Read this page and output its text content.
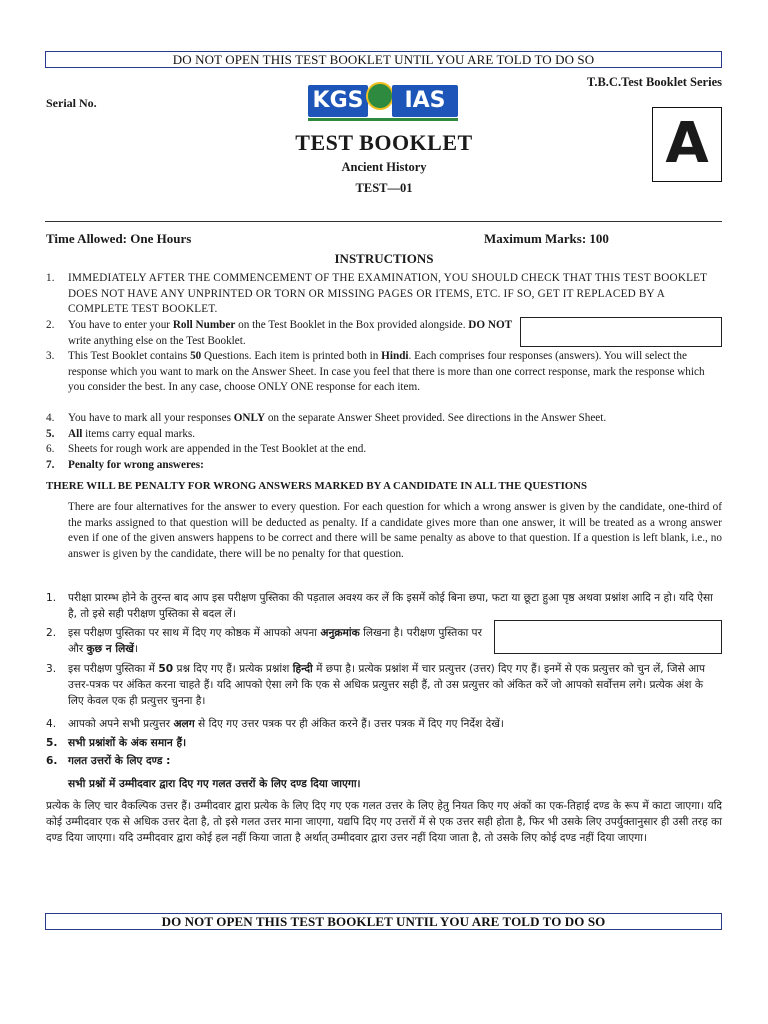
DO NOT OPEN THIS TEST BOOKLET UNTIL YOU ARE TOLD TO DO SO
Serial No.
T.B.C.Test Booklet Series
KGS	IAS
TEST BOOKLET
Ancient History
TEST—01
A
Time Allowed: One Hours	Maximum Marks: 100
INSTRUCTIONS
1. IMMEDIATELY AFTER THE COMMENCEMENT OF THE EXAMINATION, YOU SHOULD CHECK THAT THIS TEST BOOKLET DOES NOT HAVE ANY UNPRINTED OR TORN OR MISSING PAGES OR ITEMS, ETC. IF SO, GET IT REPLACED BY A COMPLETE TEST BOOKLET.
2. You have to enter your Roll Number on the Test Booklet in the Box provided alongside. DO NOT write anything else on the Test Booklet.
3. This Test Booklet contains 50 Questions. Each item is printed both in Hindi. Each comprises four responses (answers). You will select the response which you want to mark on the Answer Sheet. In case you feel that there is more than one correct response, mark the response which you consider the best. In any case, choose ONLY ONE response for each item.
4. You have to mark all your responses ONLY on the separate Answer Sheet provided. See directions in the Answer Sheet.
5. All items carry equal marks.
6. Sheets for rough work are appended in the Test Booklet at the end.
7. Penalty for wrong answeres:
THERE WILL BE PENALTY FOR WRONG ANSWERS MARKED BY A CANDIDATE IN ALL THE QUESTIONS
There are four alternatives for the answer to every question. For each question for which a wrong answer is given by the candidate, one-third of the marks assigned to that question will be deducted as penalty. If a candidate gives more than one answer, it will be treated as a wrong answer even if one of the given answers happens to be correct and there will be same penalty as above to that question. If a question is left blank, i.e., no answer is given by the candidate, there will be no penalty for that question.
1. परीक्षा प्रारम्भ होने के तुरन्त बाद आप इस परीक्षण पुस्तिका की पड़ताल अवश्य कर लें कि इसमें कोई बिना छपा, फटा या छूटा हुआ पृष्ठ अथवा प्रश्नांश आदि न हो। यदि ऐसा है, तो इसे सही परीक्षण पुस्तिका से बदल लें।
2. इस परीक्षण पुस्तिका पर साथ में दिए गए कोष्ठक में आपको अपना अनुक्रमांक लिखना है। परीक्षण पुस्तिका पर और कुछ न लिखें।
3. इस परीक्षण पुस्तिका में 50 प्रश्न दिए गए हैं। प्रत्येक प्रश्नांश हिन्दी में छपा है। प्रत्येक प्रश्नांश में चार प्रत्युत्तर (उत्तर) दिए गए हैं। इनमें से एक प्रत्युत्तर को चुन लें, जिसे आप उत्तर-पत्रक पर अंकित करना चाहते हैं। यदि आपको ऐसा लगे कि एक से अधिक प्रत्युत्तर सही हैं, तो उस प्रत्युत्तर को अंकित करें जो आपको सर्वोत्तम लगे। प्रत्येक अंश के लिए केवल एक ही प्रत्युत्तर चुनना है।
4. आपको अपने सभी प्रत्युत्तर अलग से दिए गए उत्तर पत्रक पर ही अंकित करने हैं। उत्तर पत्रक में दिए गए निर्देश देखें।
5. सभी प्रश्नांशों के अंक समान हैं।
6. गलत उत्तरों के लिए दण्ड :
सभी प्रश्नों में उम्मीदवार द्वारा दिए गए गलत उत्तरों के लिए दण्ड दिया जाएगा।
प्रत्येक के लिए चार वैकल्पिक उत्तर हैं। उम्मीदवार द्वारा प्रत्येक के लिए दिए गए एक गलत उत्तर के लिए हेतु नियत किए गए अंकों का एक-तिहाई दण्ड के रूप में काटा जाएगा। यदि कोई उम्मीदवार एक से अधिक उत्तर देता है, तो इसे गलत उत्तर माना जाएगा, यद्यपि दिए गए उत्तरों में से एक उत्तर सही होता है, फिर भी उसके लिए उपर्युक्तानुसार ही उसी तरह का दण्ड दिया जाएगा। यदि उम्मीदवार द्वारा कोई हल नहीं किया जाता है अर्थात् उम्मीदवार द्वारा उत्तर नहीं दिया जाता है, तो उसके लिए कोई दण्ड नहीं दिया जाएगा।
DO NOT OPEN THIS TEST BOOKLET UNTIL YOU ARE TOLD TO DO SO
